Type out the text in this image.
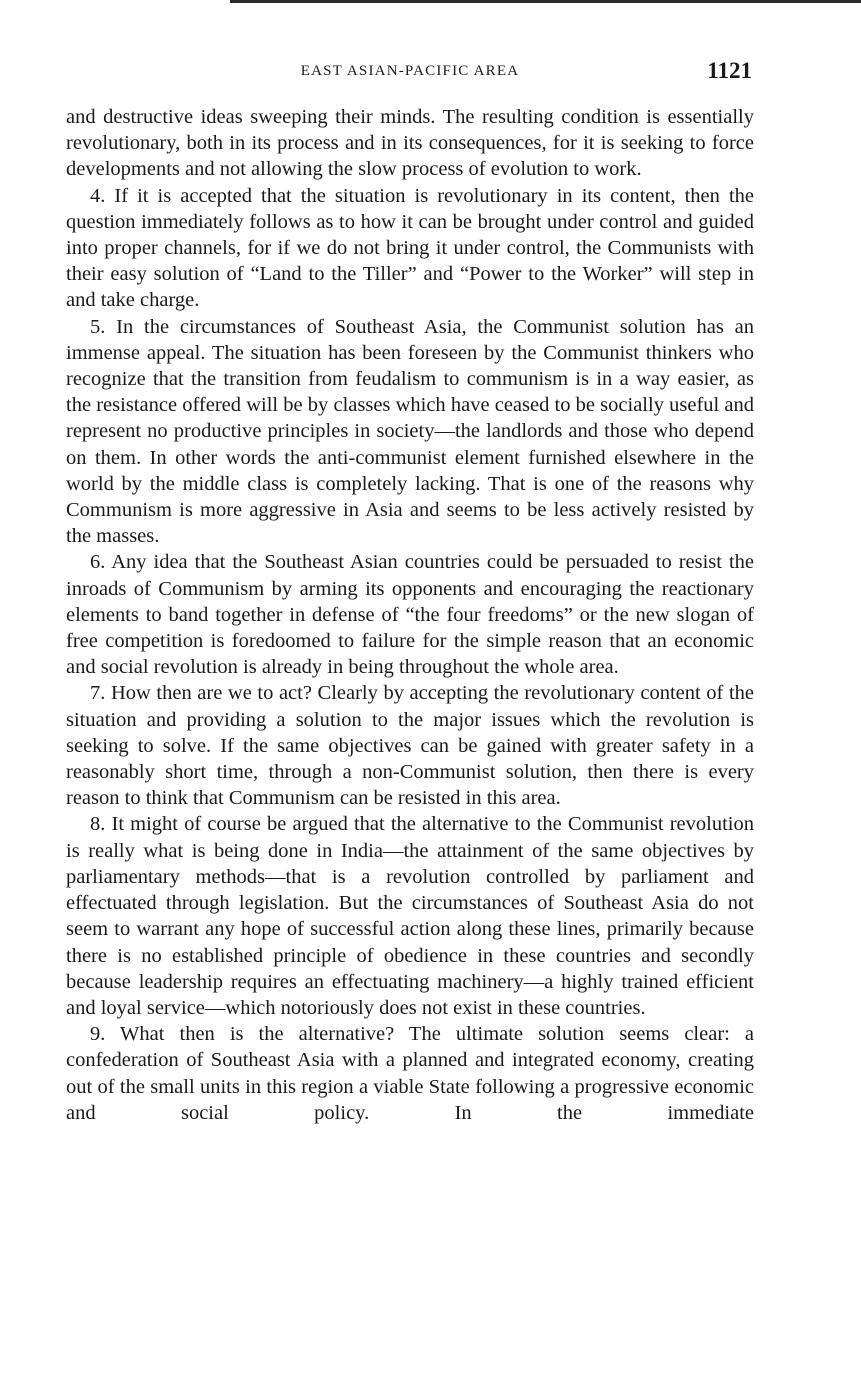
EAST ASIAN-PACIFIC AREA	1121

and destructive ideas sweeping their minds. The resulting condition is essentially revolutionary, both in its process and in its consequences, for it is seeking to force developments and not allowing the slow process of evolution to work.

4. If it is accepted that the situation is revolutionary in its content, then the question immediately follows as to how it can be brought under control and guided into proper channels, for if we do not bring it under control, the Communists with their easy solution of “Land to the Tiller” and “Power to the Worker” will step in and take charge.

5. In the circumstances of Southeast Asia, the Communist solution has an immense appeal. The situation has been foreseen by the Communist thinkers who recognize that the transition from feudalism to communism is in a way easier, as the resistance offered will be by classes which have ceased to be socially useful and represent no productive principles in society—the landlords and those who depend on them. In other words the anti-communist element furnished elsewhere in the world by the middle class is completely lacking. That is one of the reasons why Communism is more aggressive in Asia and seems to be less actively resisted by the masses.

6. Any idea that the Southeast Asian countries could be persuaded to resist the inroads of Communism by arming its opponents and encouraging the reactionary elements to band together in defense of “the four freedoms” or the new slogan of free competition is foredoomed to failure for the simple reason that an economic and social revolution is already in being throughout the whole area.

7. How then are we to act? Clearly by accepting the revolutionary content of the situation and providing a solution to the major issues which the revolution is seeking to solve. If the same objectives can be gained with greater safety in a reasonably short time, through a non-Communist solution, then there is every reason to think that Communism can be resisted in this area.

8. It might of course be argued that the alternative to the Communist revolution is really what is being done in India—the attainment of the same objectives by parliamentary methods—that is a revolution controlled by parliament and effectuated through legislation. But the circumstances of Southeast Asia do not seem to warrant any hope of successful action along these lines, primarily because there is no established principle of obedience in these countries and secondly because leadership requires an effectuating machinery—a highly trained efficient and loyal service—which notoriously does not exist in these countries.

9. What then is the alternative? The ultimate solution seems clear: a confederation of Southeast Asia with a planned and integrated economy, creating out of the small units in this region a viable State following a progressive economic and social policy. In the immediate
